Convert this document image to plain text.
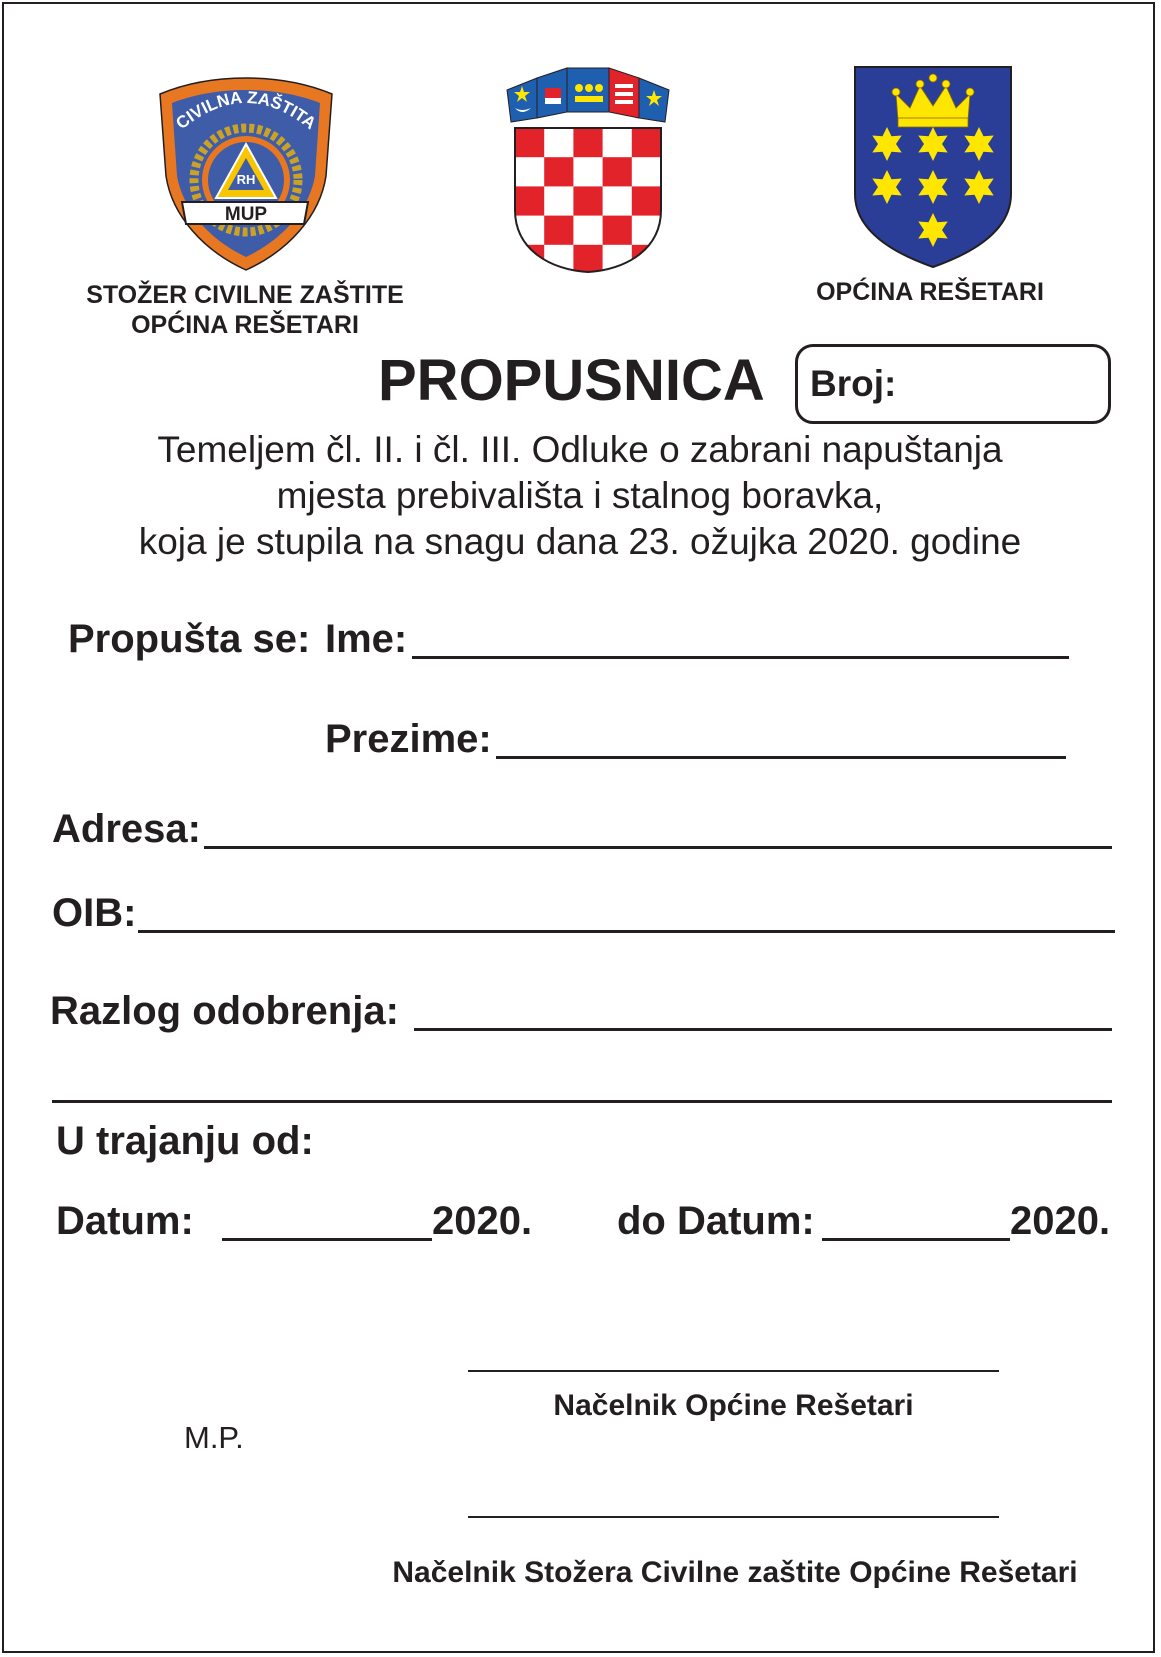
CIVILNA ZAŠTITA
RH
MUP
STOŽER CIVILNE ZAŠTITE
OPĆINA REŠETARI
OPĆINA REŠETARI
PROPUSNICA Broj:
Temeljem čl. II. i čl. III. Odluke o zabrani napuštanja
mjesta prebivališta i stalnog boravka,
koja je stupila na snagu dana 23. ožujka 2020. godine
Propušta se: Ime:
Prezime:
Adresa:
OIB:
Razlog odobrenja:
U trajanju od:
Datum:	2020. do Datum:	2020.
Načelnik Općine Rešetari
M.P.
Načelnik Stožera Civilne zaštite Općine Rešetari
